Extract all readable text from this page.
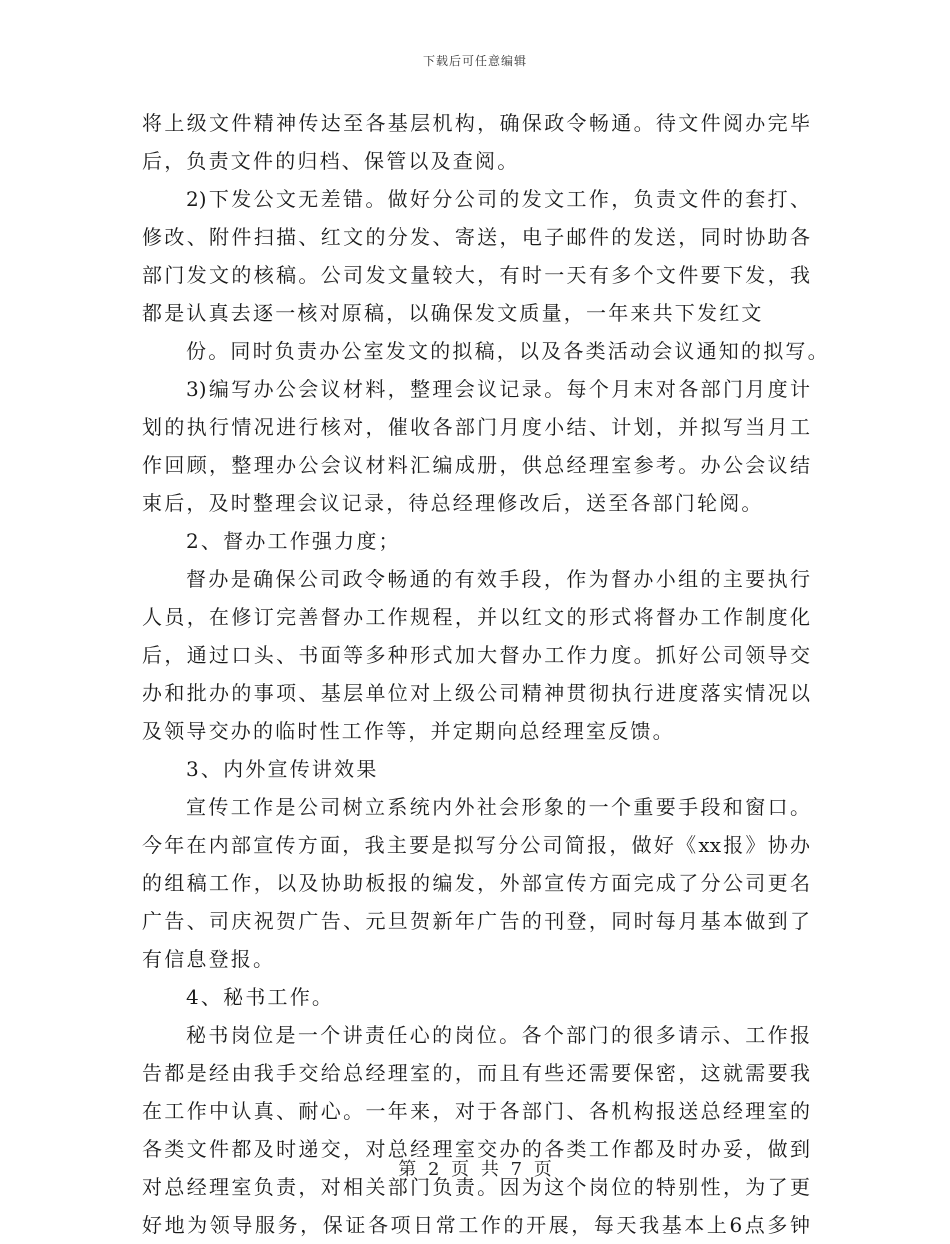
下载后可任意编辑
将上级文件精神传达至各基层机构，确保政令畅通。待文件阅办完毕
后，负责文件的归档、保管以及查阅。
2)下发公文无差错。做好分公司的发文工作，负责文件的套打、
修改、附件扫描、红文的分发、寄送，电子邮件的发送，同时协助各
部门发文的核稿。公司发文量较大，有时一天有多个文件要下发，我
都是认真去逐一核对原稿，以确保发文质量，一年来共下发红文
份。同时负责办公室发文的拟稿，以及各类活动会议通知的拟写。
3)编写办公会议材料，整理会议记录。每个月末对各部门月度计
划的执行情况进行核对，催收各部门月度小结、计划，并拟写当月工
作回顾，整理办公会议材料汇编成册，供总经理室参考。办公会议结
束后，及时整理会议记录，待总经理修改后，送至各部门轮阅。
2、督办工作强力度；
督办是确保公司政令畅通的有效手段，作为督办小组的主要执行
人员，在修订完善督办工作规程，并以红文的形式将督办工作制度化
后，通过口头、书面等多种形式加大督办工作力度。抓好公司领导交
办和批办的事项、基层单位对上级公司精神贯彻执行进度落实情况以
及领导交办的临时性工作等，并定期向总经理室反馈。
3、内外宣传讲效果
宣传工作是公司树立系统内外社会形象的一个重要手段和窗口。
今年在内部宣传方面，我主要是拟写分公司简报，做好《xx报》协办
的组稿工作，以及协助板报的编发，外部宣传方面完成了分公司更名
广告、司庆祝贺广告、元旦贺新年广告的刊登，同时每月基本做到了
有信息登报。
4、秘书工作。
秘书岗位是一个讲责任心的岗位。各个部门的很多请示、工作报
告都是经由我手交给总经理室的，而且有些还需要保密，这就需要我
在工作中认真、耐心。一年来，对于各部门、各机构报送总经理室的
各类文件都及时递交，对总经理室交办的各类工作都及时办妥，做到
对总经理室负责，对相关部门负责。因为这个岗位的特别性，为了更
好地为领导服务，保证各项日常工作的开展，每天我基本上6点多钟
第 2 页 共 7 页
